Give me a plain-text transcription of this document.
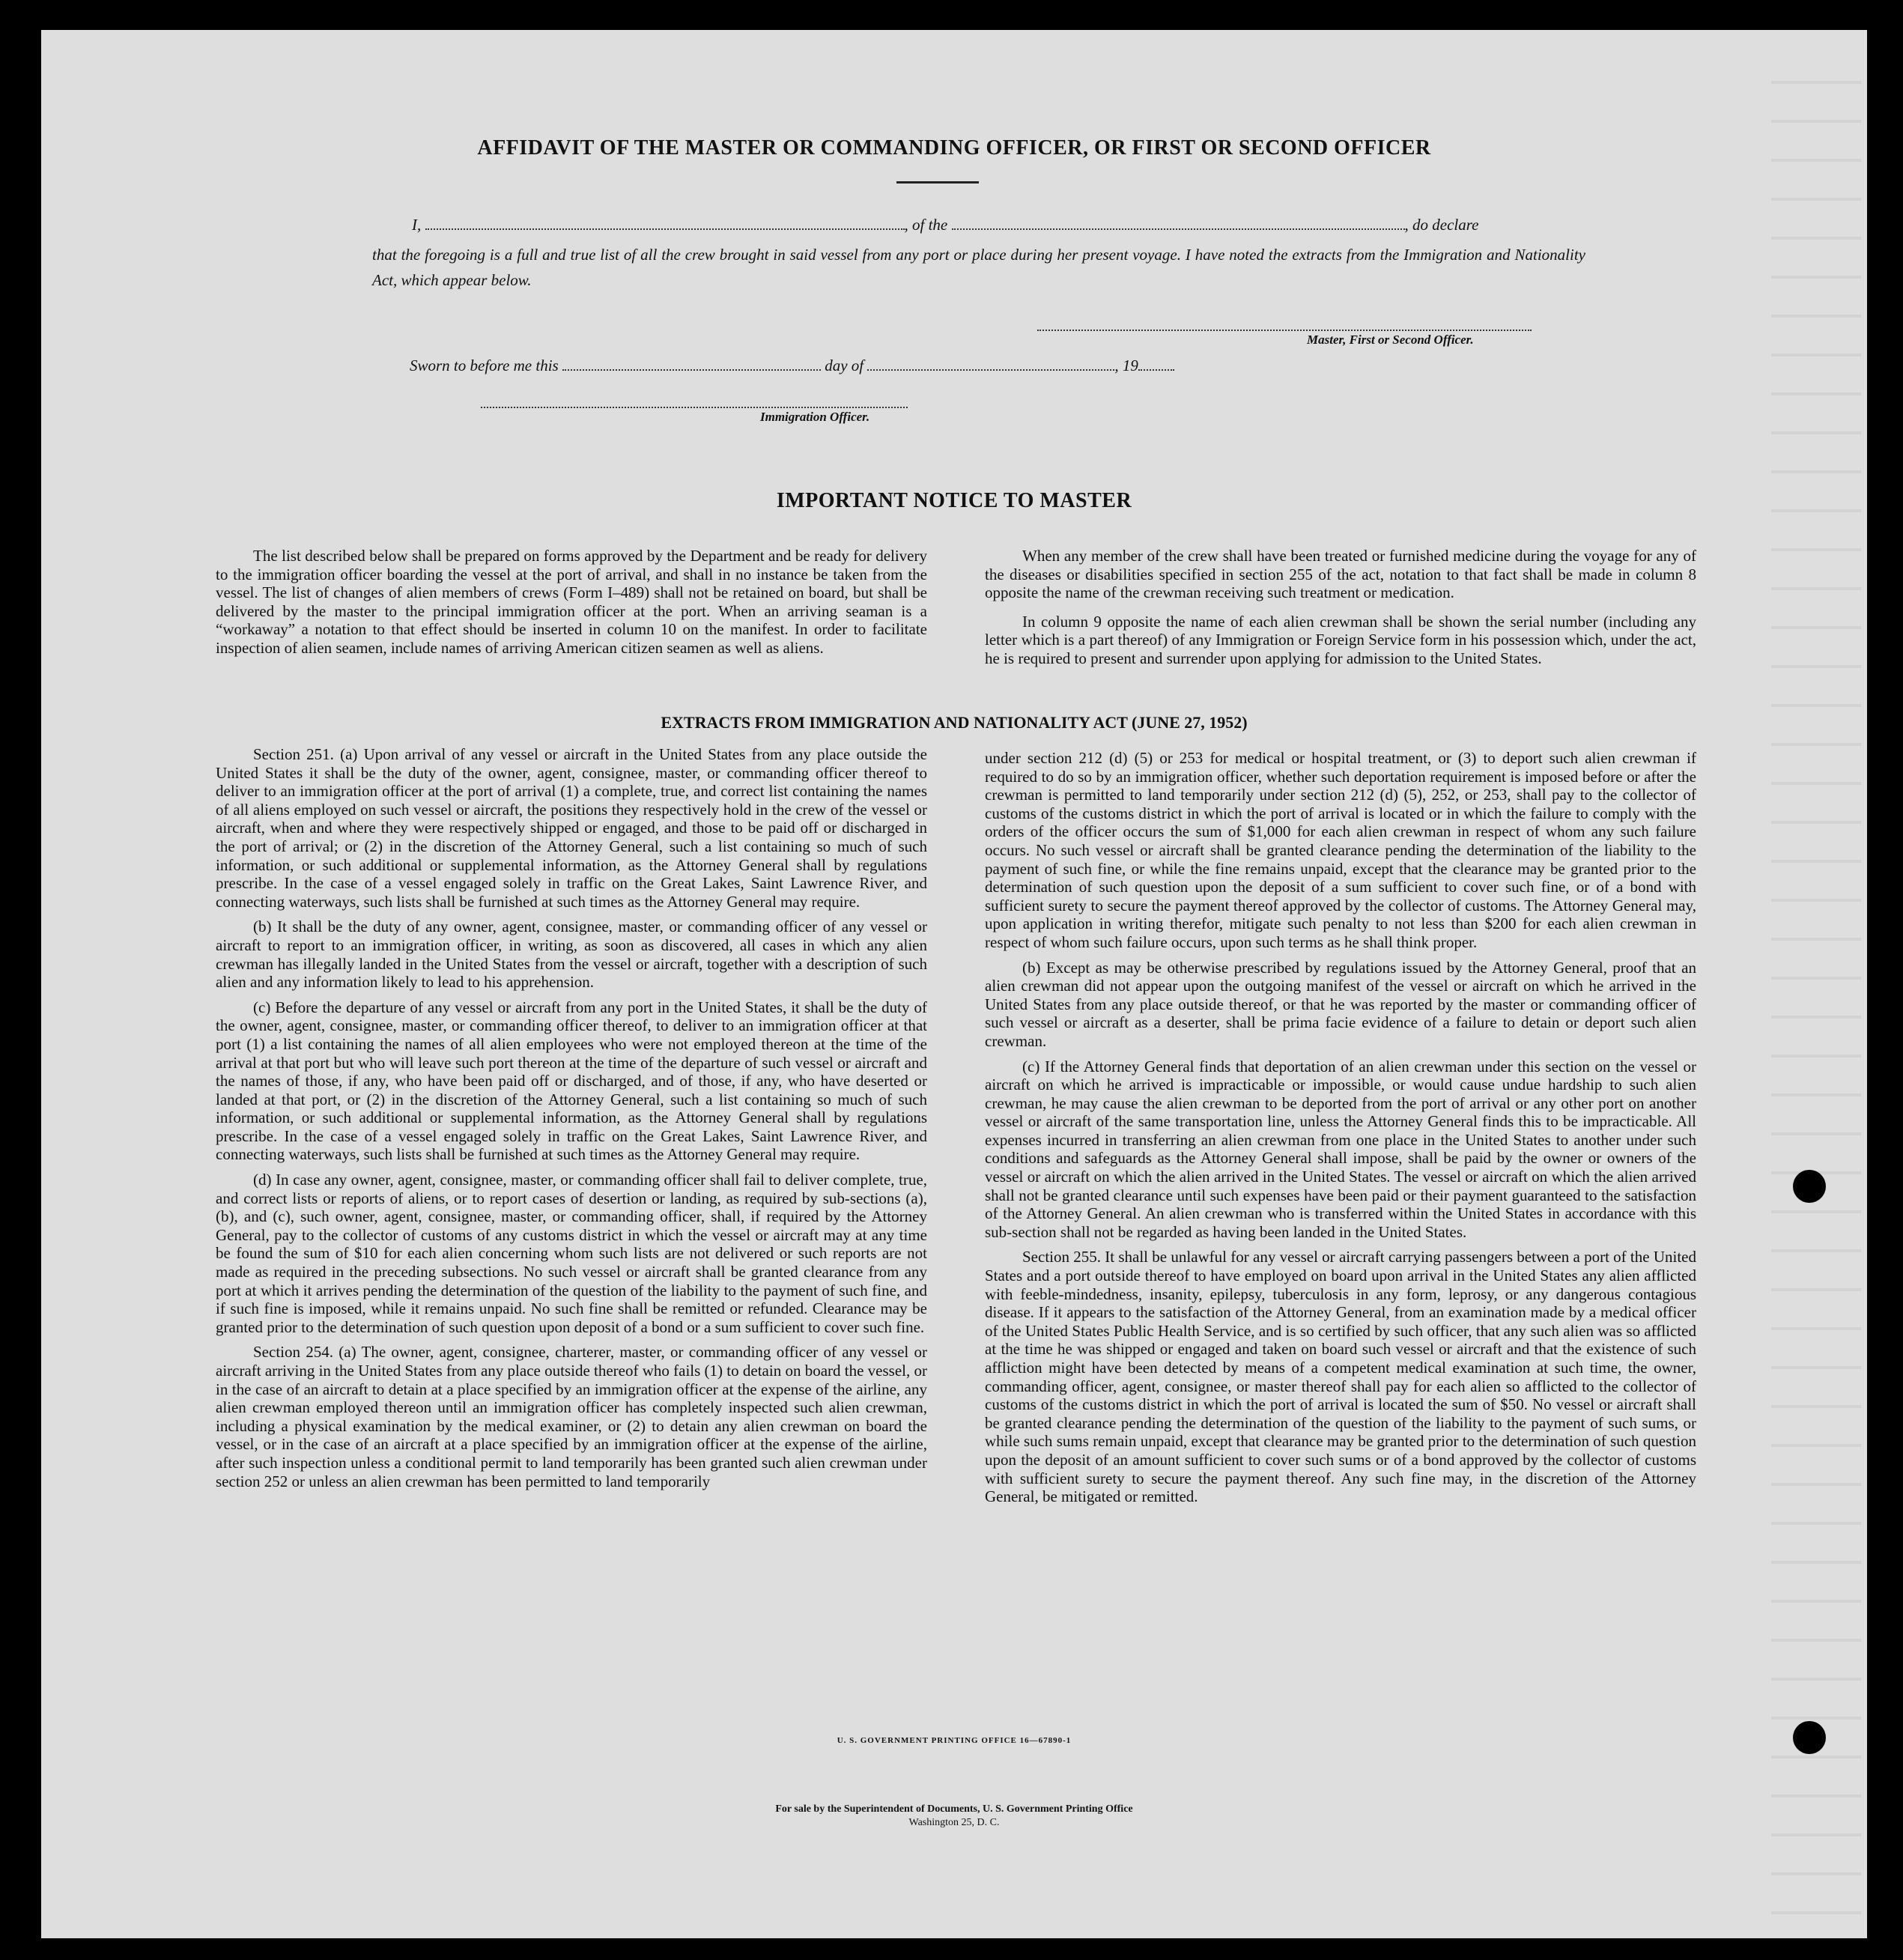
AFFIDAVIT OF THE MASTER OR COMMANDING OFFICER, OR FIRST OR SECOND OFFICER
I,	, of the	, do declare
that the foregoing is a full and true list of all the crew brought in said vessel from any port or place during her present voyage. I have noted the extracts from the Immigration and Nationality Act, which appear below.
Master, First or Second Officer.
Sworn to before me this	day of	, 19
Immigration Officer.
IMPORTANT NOTICE TO MASTER

The list described below shall be prepared on forms approved by the Department and be ready for delivery to the immigration officer boarding the vessel at the port of arrival, and shall in no instance be taken from the vessel. The list of changes of alien members of crews (Form I–489) shall not be retained on board, but shall be delivered by the master to the principal immigration officer at the port. When an arriving seaman is a “workaway” a notation to that effect should be inserted in column 10 on the manifest. In order to facilitate inspection of alien seamen, include names of arriving American citizen seamen as well as aliens.

When any member of the crew shall have been treated or furnished medicine during the voyage for any of the diseases or disabilities specified in section 255 of the act, notation to that fact shall be made in column 8 opposite the name of the crewman receiving such treatment or medication.

In column 9 opposite the name of each alien crewman shall be shown the serial number (including any letter which is a part thereof) of any Immigration or Foreign Service form in his possession which, under the act, he is required to present and surrender upon applying for admission to the United States.

EXTRACTS FROM IMMIGRATION AND NATIONALITY ACT (JUNE 27, 1952)

Section 251. (a) Upon arrival of any vessel or aircraft in the United States from any place outside the United States it shall be the duty of the owner, agent, consignee, master, or commanding officer thereof to deliver to an immigration officer at the port of arrival (1) a complete, true, and correct list containing the names of all aliens employed on such vessel or aircraft, the positions they respectively hold in the crew of the vessel or aircraft, when and where they were respectively shipped or engaged, and those to be paid off or discharged in the port of arrival; or (2) in the discretion of the Attorney General, such a list containing so much of such information, or such additional or supplemental information, as the Attorney General shall by regulations prescribe. In the case of a vessel engaged solely in traffic on the Great Lakes, Saint Lawrence River, and connecting waterways, such lists shall be furnished at such times as the Attorney General may require.

(b) It shall be the duty of any owner, agent, consignee, master, or commanding officer of any vessel or aircraft to report to an immigration officer, in writing, as soon as discovered, all cases in which any alien crewman has illegally landed in the United States from the vessel or aircraft, together with a description of such alien and any information likely to lead to his apprehension.

(c) Before the departure of any vessel or aircraft from any port in the United States, it shall be the duty of the owner, agent, consignee, master, or commanding officer thereof, to deliver to an immigration officer at that port (1) a list containing the names of all alien employees who were not employed thereon at the time of the arrival at that port but who will leave such port thereon at the time of the departure of such vessel or aircraft and the names of those, if any, who have been paid off or discharged, and of those, if any, who have deserted or landed at that port, or (2) in the discretion of the Attorney General, such a list containing so much of such information, or such additional or supplemental information, as the Attorney General shall by regulations prescribe. In the case of a vessel engaged solely in traffic on the Great Lakes, Saint Lawrence River, and connecting waterways, such lists shall be furnished at such times as the Attorney General may require.

(d) In case any owner, agent, consignee, master, or commanding officer shall fail to deliver complete, true, and correct lists or reports of aliens, or to report cases of desertion or landing, as required by sub-sections (a), (b), and (c), such owner, agent, consignee, master, or commanding officer, shall, if required by the Attorney General, pay to the collector of customs of any customs district in which the vessel or aircraft may at any time be found the sum of $10 for each alien concerning whom such lists are not delivered or such reports are not made as required in the preceding subsections. No such vessel or aircraft shall be granted clearance from any port at which it arrives pending the determination of the question of the liability to the payment of such fine, and if such fine is imposed, while it remains unpaid. No such fine shall be remitted or refunded. Clearance may be granted prior to the determination of such question upon deposit of a bond or a sum sufficient to cover such fine.

Section 254. (a) The owner, agent, consignee, charterer, master, or commanding officer of any vessel or aircraft arriving in the United States from any place outside thereof who fails (1) to detain on board the vessel, or in the case of an aircraft to detain at a place specified by an immigration officer at the expense of the airline, any alien crewman employed thereon until an immigration officer has completely inspected such alien crewman, including a physical examination by the medical examiner, or (2) to detain any alien crewman on board the vessel, or in the case of an aircraft at a place specified by an immigration officer at the expense of the airline, after such inspection unless a conditional permit to land temporarily has been granted such alien crewman under section 252 or unless an alien crewman has been permitted to land temporarily

under section 212 (d) (5) or 253 for medical or hospital treatment, or (3) to deport such alien crewman if required to do so by an immigration officer, whether such deportation requirement is imposed before or after the crewman is permitted to land temporarily under section 212 (d) (5), 252, or 253, shall pay to the collector of customs of the customs district in which the port of arrival is located or in which the failure to comply with the orders of the officer occurs the sum of $1,000 for each alien crewman in respect of whom any such failure occurs. No such vessel or aircraft shall be granted clearance pending the determination of the liability to the payment of such fine, or while the fine remains unpaid, except that the clearance may be granted prior to the determination of such question upon the deposit of a sum sufficient to cover such fine, or of a bond with sufficient surety to secure the payment thereof approved by the collector of customs. The Attorney General may, upon application in writing therefor, mitigate such penalty to not less than $200 for each alien crewman in respect of whom such failure occurs, upon such terms as he shall think proper.

(b) Except as may be otherwise prescribed by regulations issued by the Attorney General, proof that an alien crewman did not appear upon the outgoing manifest of the vessel or aircraft on which he arrived in the United States from any place outside thereof, or that he was reported by the master or commanding officer of such vessel or aircraft as a deserter, shall be prima facie evidence of a failure to detain or deport such alien crewman.

(c) If the Attorney General finds that deportation of an alien crewman under this section on the vessel or aircraft on which he arrived is impracticable or impossible, or would cause undue hardship to such alien crewman, he may cause the alien crewman to be deported from the port of arrival or any other port on another vessel or aircraft of the same transportation line, unless the Attorney General finds this to be impracticable. All expenses incurred in transferring an alien crewman from one place in the United States to another under such conditions and safeguards as the Attorney General shall impose, shall be paid by the owner or owners of the vessel or aircraft on which the alien arrived in the United States. The vessel or aircraft on which the alien arrived shall not be granted clearance until such expenses have been paid or their payment guaranteed to the satisfaction of the Attorney General. An alien crewman who is transferred within the United States in accordance with this sub-section shall not be regarded as having been landed in the United States.

Section 255. It shall be unlawful for any vessel or aircraft carrying passengers between a port of the United States and a port outside thereof to have employed on board upon arrival in the United States any alien afflicted with feeble-mindedness, insanity, epilepsy, tuberculosis in any form, leprosy, or any dangerous contagious disease. If it appears to the satisfaction of the Attorney General, from an examination made by a medical officer of the United States Public Health Service, and is so certified by such officer, that any such alien was so afflicted at the time he was shipped or engaged and taken on board such vessel or aircraft and that the existence of such affliction might have been detected by means of a competent medical examination at such time, the owner, commanding officer, agent, consignee, or master thereof shall pay for each alien so afflicted to the collector of customs of the customs district in which the port of arrival is located the sum of $50. No vessel or aircraft shall be granted clearance pending the determination of the question of the liability to the payment of such sums, or while such sums remain unpaid, except that clearance may be granted prior to the determination of such question upon the deposit of an amount sufficient to cover such sums or of a bond approved by the collector of customs with sufficient surety to secure the payment thereof. Any such fine may, in the discretion of the Attorney General, be mitigated or remitted.

U. S. GOVERNMENT PRINTING OFFICE 16—67890-1
For sale by the Superintendent of Documents, U. S. Government Printing Office
Washington 25, D. C.
